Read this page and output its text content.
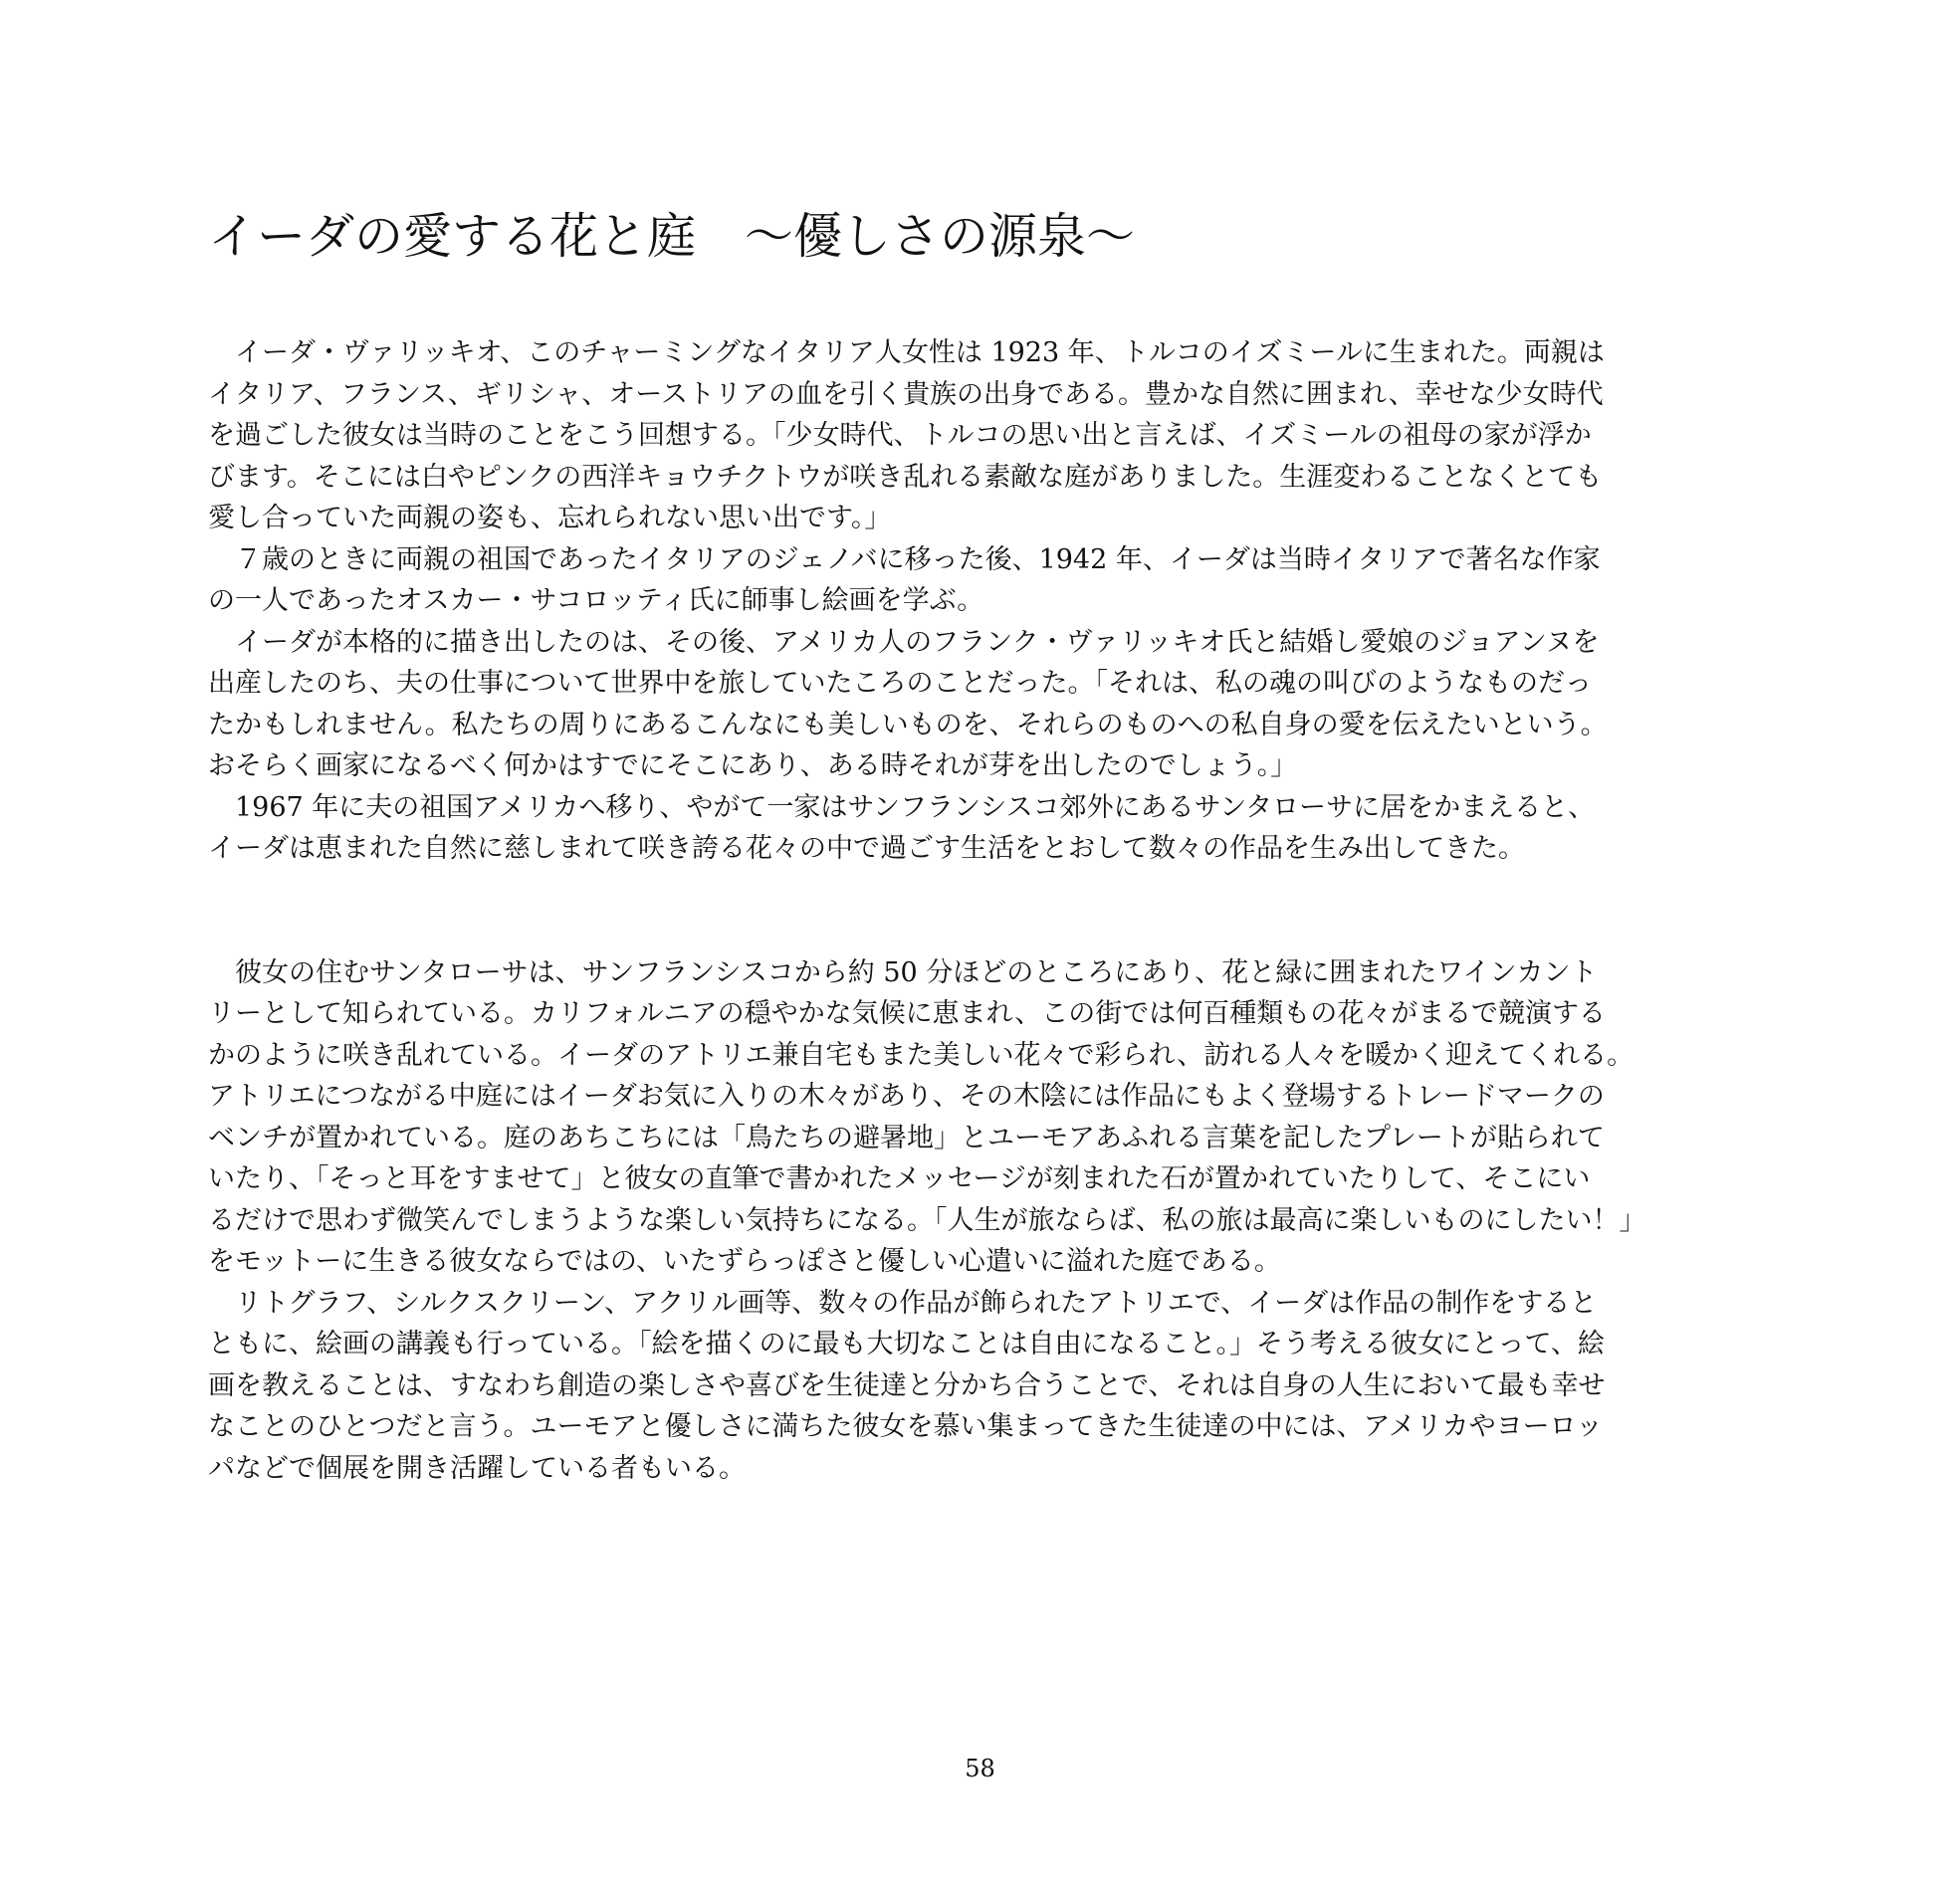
イーダの愛する花と庭　～優しさの源泉～

　イーダ・ヴァリッキオ、このチャーミングなイタリア人女性は 1923 年、トルコのイズミールに生まれた。両親は

イタリア、フランス、ギリシャ、オーストリアの血を引く貴族の出身である。豊かな自然に囲まれ、幸せな少女時代

を過ごした彼女は当時のことをこう回想する。「少女時代、トルコの思い出と言えば、イズミールの祖母の家が浮か

びます。そこには白やピンクの西洋キョウチクトウが咲き乱れる素敵な庭がありました。生涯変わることなくとても

愛し合っていた両親の姿も、忘れられない思い出です。」

　７歳のときに両親の祖国であったイタリアのジェノバに移った後、1942 年、イーダは当時イタリアで著名な作家

の一人であったオスカー・サコロッティ氏に師事し絵画を学ぶ。

　イーダが本格的に描き出したのは、その後、アメリカ人のフランク・ヴァリッキオ氏と結婚し愛娘のジョアンヌを

出産したのち、夫の仕事について世界中を旅していたころのことだった。「それは、私の魂の叫びのようなものだっ

たかもしれません。私たちの周りにあるこんなにも美しいものを、それらのものへの私自身の愛を伝えたいという。

おそらく画家になるべく何かはすでにそこにあり、ある時それが芽を出したのでしょう。」

　1967 年に夫の祖国アメリカへ移り、やがて一家はサンフランシスコ郊外にあるサンタローサに居をかまえると、

イーダは恵まれた自然に慈しまれて咲き誇る花々の中で過ごす生活をとおして数々の作品を生み出してきた。

　彼女の住むサンタローサは、サンフランシスコから約 50 分ほどのところにあり、花と緑に囲まれたワインカント

リーとして知られている。カリフォルニアの穏やかな気候に恵まれ、この街では何百種類もの花々がまるで競演する

かのように咲き乱れている。イーダのアトリエ兼自宅もまた美しい花々で彩られ、訪れる人々を暖かく迎えてくれる。

アトリエにつながる中庭にはイーダお気に入りの木々があり、その木陰には作品にもよく登場するトレードマークの

ベンチが置かれている。庭のあちこちには「鳥たちの避暑地」とユーモアあふれる言葉を記したプレートが貼られて

いたり、「そっと耳をすませて」と彼女の直筆で書かれたメッセージが刻まれた石が置かれていたりして、そこにい

るだけで思わず微笑んでしまうような楽しい気持ちになる。「人生が旅ならば、私の旅は最高に楽しいものにしたい！」

をモットーに生きる彼女ならではの、いたずらっぽさと優しい心遣いに溢れた庭である。

　リトグラフ、シルクスクリーン、アクリル画等、数々の作品が飾られたアトリエで、イーダは作品の制作をすると

ともに、絵画の講義も行っている。「絵を描くのに最も大切なことは自由になること。」そう考える彼女にとって、絵

画を教えることは、すなわち創造の楽しさや喜びを生徒達と分かち合うことで、それは自身の人生において最も幸せ

なことのひとつだと言う。ユーモアと優しさに満ちた彼女を慕い集まってきた生徒達の中には、アメリカやヨーロッ

パなどで個展を開き活躍している者もいる。

58
